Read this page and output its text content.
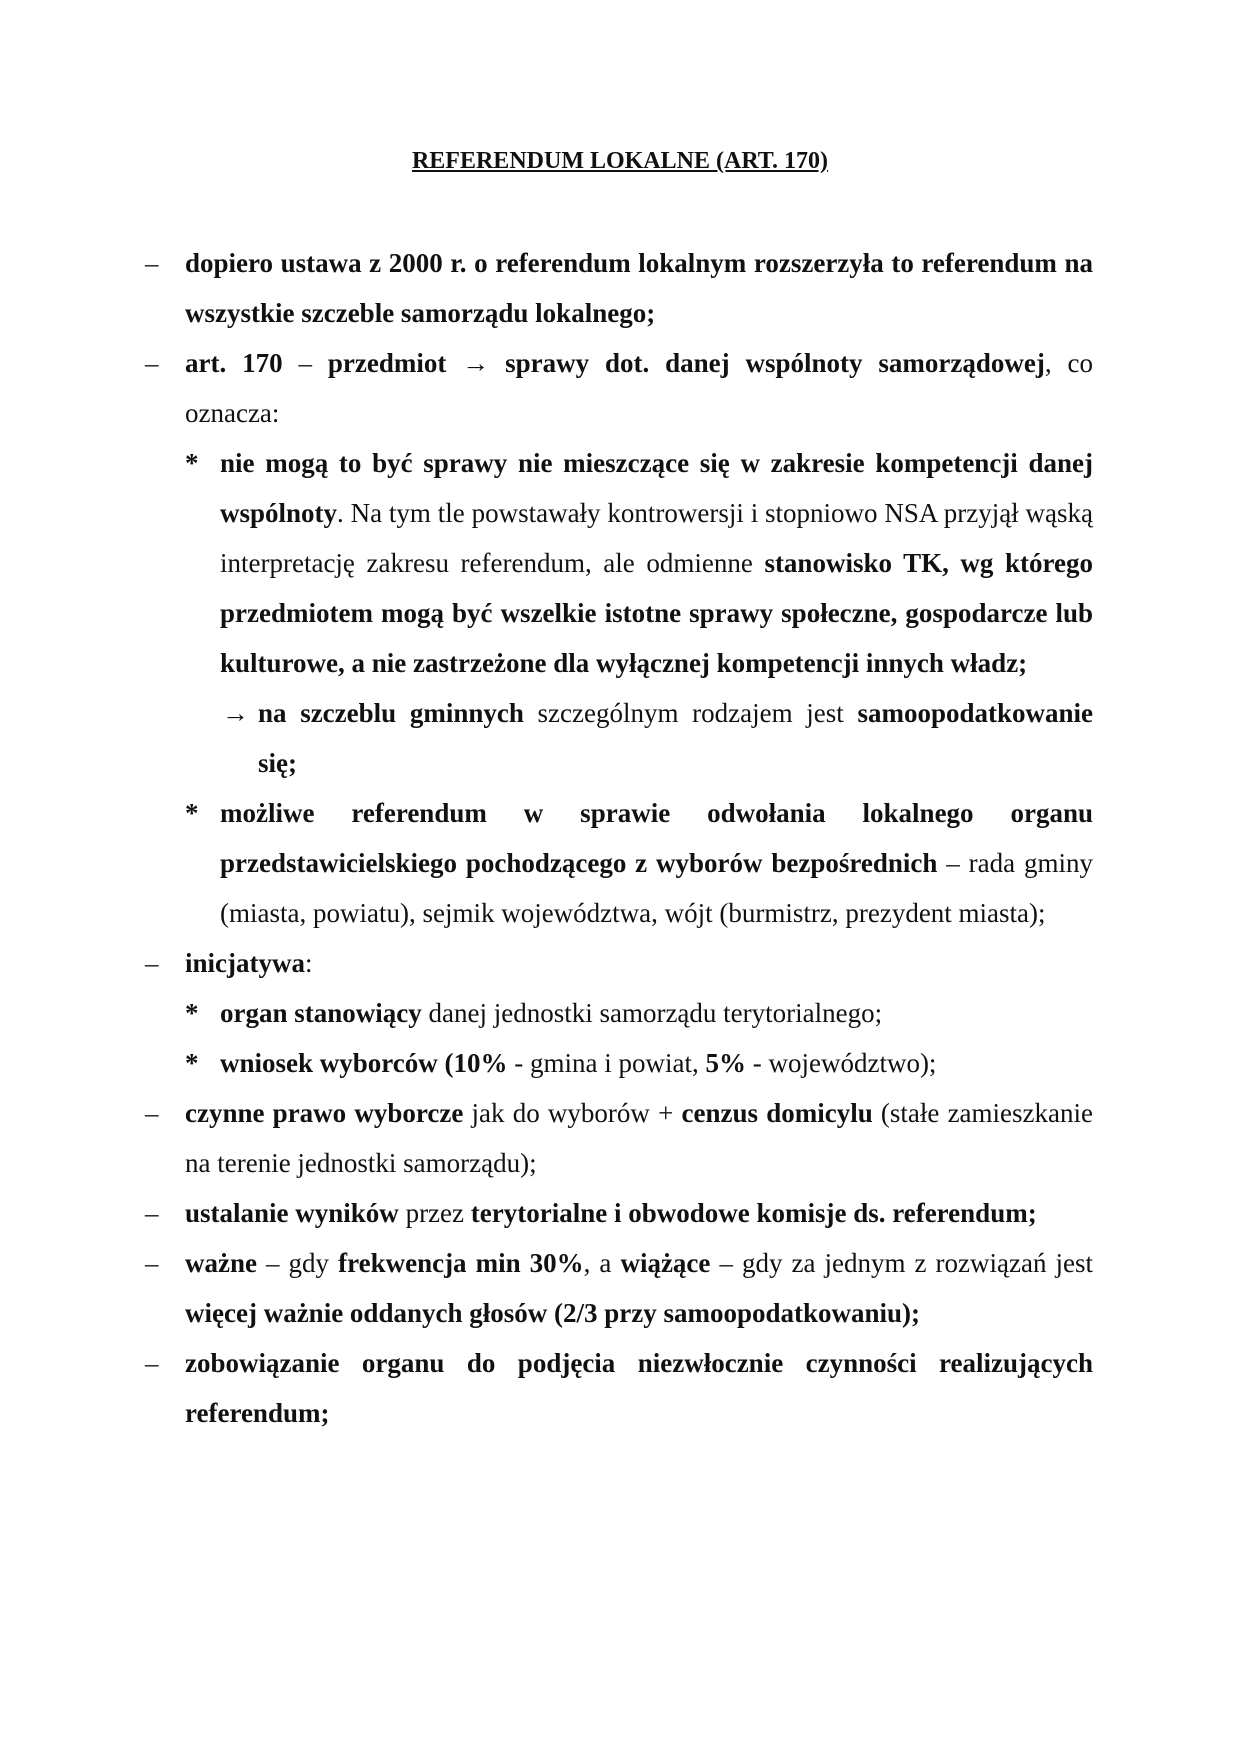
REFERENDUM LOKALNE (ART. 170)
– dopiero ustawa z 2000 r. o referendum lokalnym rozszerzyła to referendum na wszystkie szczeble samorządu lokalnego;
– art. 170 – przedmiot → sprawy dot. danej wspólnoty samorządowej, co oznacza:
* nie mogą to być sprawy nie mieszczące się w zakresie kompetencji danej wspólnoty. Na tym tle powstawały kontrowersji i stopniowo NSA przyjął wąską interpretację zakresu referendum, ale odmienne stanowisko TK, wg którego przedmiotem mogą być wszelkie istotne sprawy społeczne, gospodarcze lub kulturowe, a nie zastrzeżone dla wyłącznej kompetencji innych władz;
→ na szczeblu gminnych szczególnym rodzajem jest samoopodatkowanie się;
* możliwe referendum w sprawie odwołania lokalnego organu przedstawicielskiego pochodzącego z wyborów bezpośrednich – rada gminy (miasta, powiatu), sejmik województwa, wójt (burmistrz, prezydent miasta);
– inicjatywa:
* organ stanowiący danej jednostki samorządu terytorialnego;
* wniosek wyborców (10% - gmina i powiat, 5% - województwo);
– czynne prawo wyborcze jak do wyborów + cenzus domicylu (stałe zamieszkanie na terenie jednostki samorządu);
– ustalanie wyników przez terytorialne i obwodowe komisje ds. referendum;
– ważne – gdy frekwencja min 30%, a wiążące – gdy za jednym z rozwiązań jest więcej ważnie oddanych głosów (2/3 przy samoopodatkowaniu);
– zobowiązanie organu do podjęcia niezwłocznie czynności realizujących referendum;
